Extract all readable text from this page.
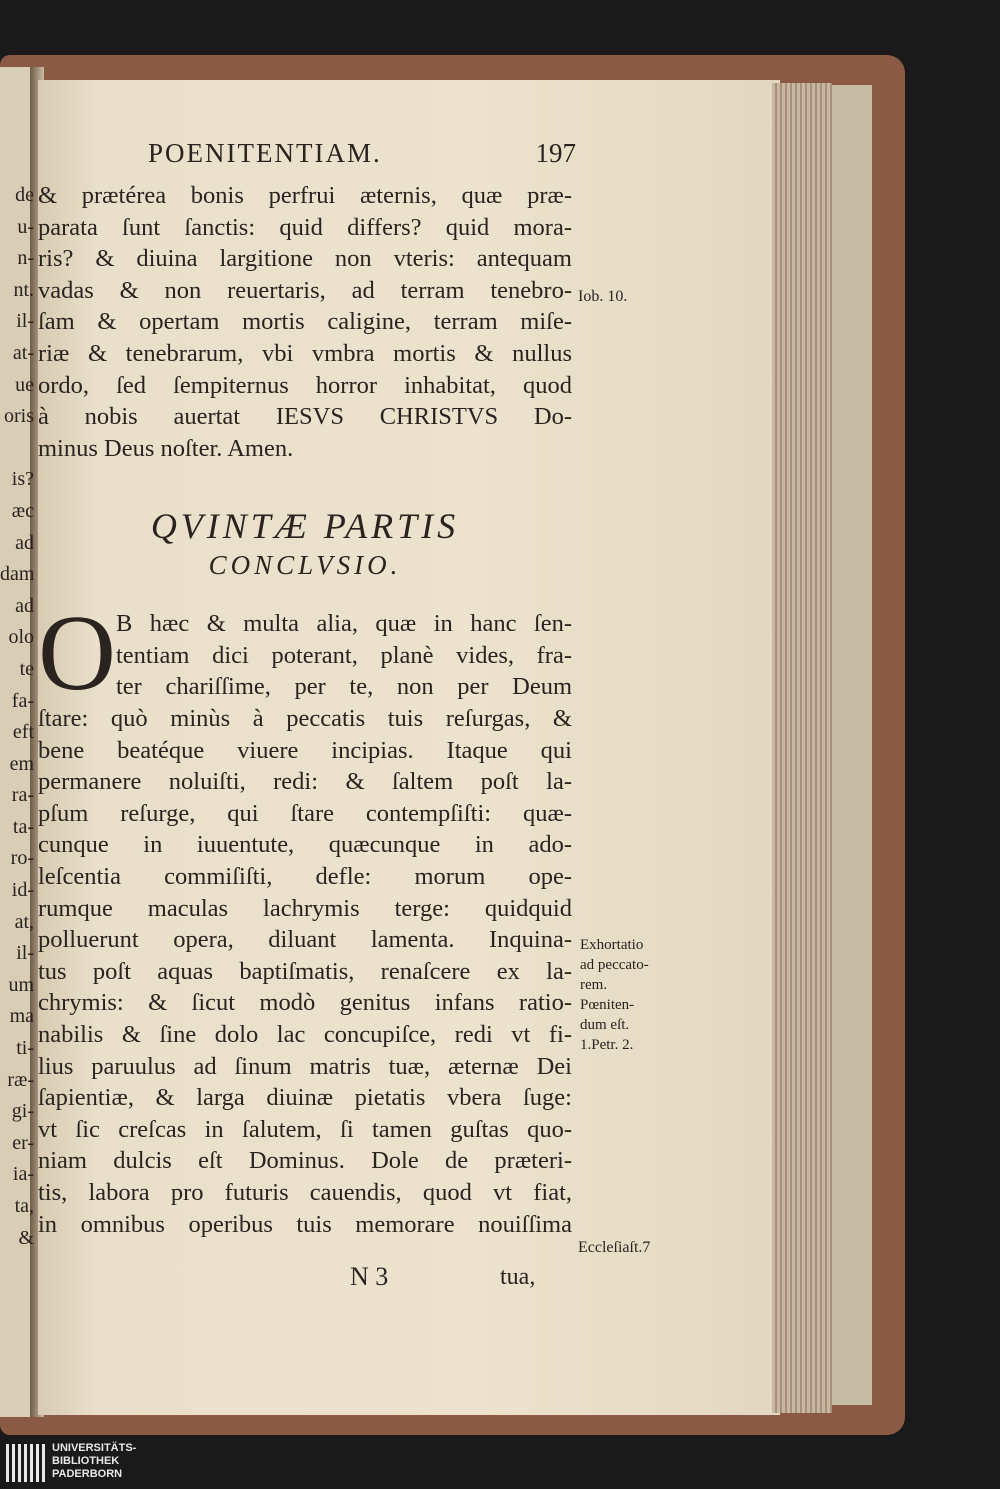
de
u-
n-
nt.
il-
at-
ue
oris
is?
æc
ad
dam
ad
olo
te
fa-
eft
em
ra-
ta-
ro-
id-
at,
il-
um
ma
ti-
ræ-
gi-
er-
ia-
ta,
&
POENITENTIAM.	197
& prætérea bonis perfrui æternis, quæ præ-
parata ſunt ſanctis: quid differs? quid mora-
ris? & diuina largitione non vteris: antequam
vadas & non reuertaris, ad terram tenebro-
ſam & opertam mortis caligine, terram miſe-
riæ & tenebrarum, vbi vmbra mortis & nullus
ordo, ſed ſempiternus horror inhabitat, quod
à nobis auertat IESVS CHRISTVS Do-
minus Deus noſter. Amen.
QVINTÆ PARTIS
CONCLVSIO.
O B hæc & multa alia, quæ in hanc ſen-
tentiam dici poterant, planè vides, fra-
ter chariſſime, per te, non per Deum
ſtare: quò minùs à peccatis tuis reſurgas, &
bene beatéque viuere incipias. Itaque qui
permanere noluiſti, redi: & ſaltem poſt la-
pſum reſurge, qui ſtare contempſiſti: quæ-
cunque in iuuentute, quæcunque in ado-
leſcentia commiſiſti, defle: morum ope-
rumque maculas lachrymis terge: quidquid
polluerunt opera, diluant lamenta. Inquina-
tus poſt aquas baptiſmatis, renaſcere ex la-
chrymis: & ſicut modò genitus infans ratio-
nabilis & ſine dolo lac concupiſce, redi vt fi-
lius paruulus ad ſinum matris tuæ, æternæ Dei
ſapientiæ, & larga diuinæ pietatis vbera ſuge:
vt ſic creſcas in ſalutem, ſi tamen guſtas quo-
niam dulcis eſt Dominus. Dole de præteri-
tis, labora pro futuris cauendis, quod vt fiat,
in omnibus operibus tuis memorare nouiſſima
Iob. 10.
Exhortatio
ad peccato-
rem.
Pœniten-
dum eſt.
1.Petr. 2.
Eccleſiaſt.7
N 3	tua,
UNIVERSITÄTS-
BIBLIOTHEK
PADERBORN
